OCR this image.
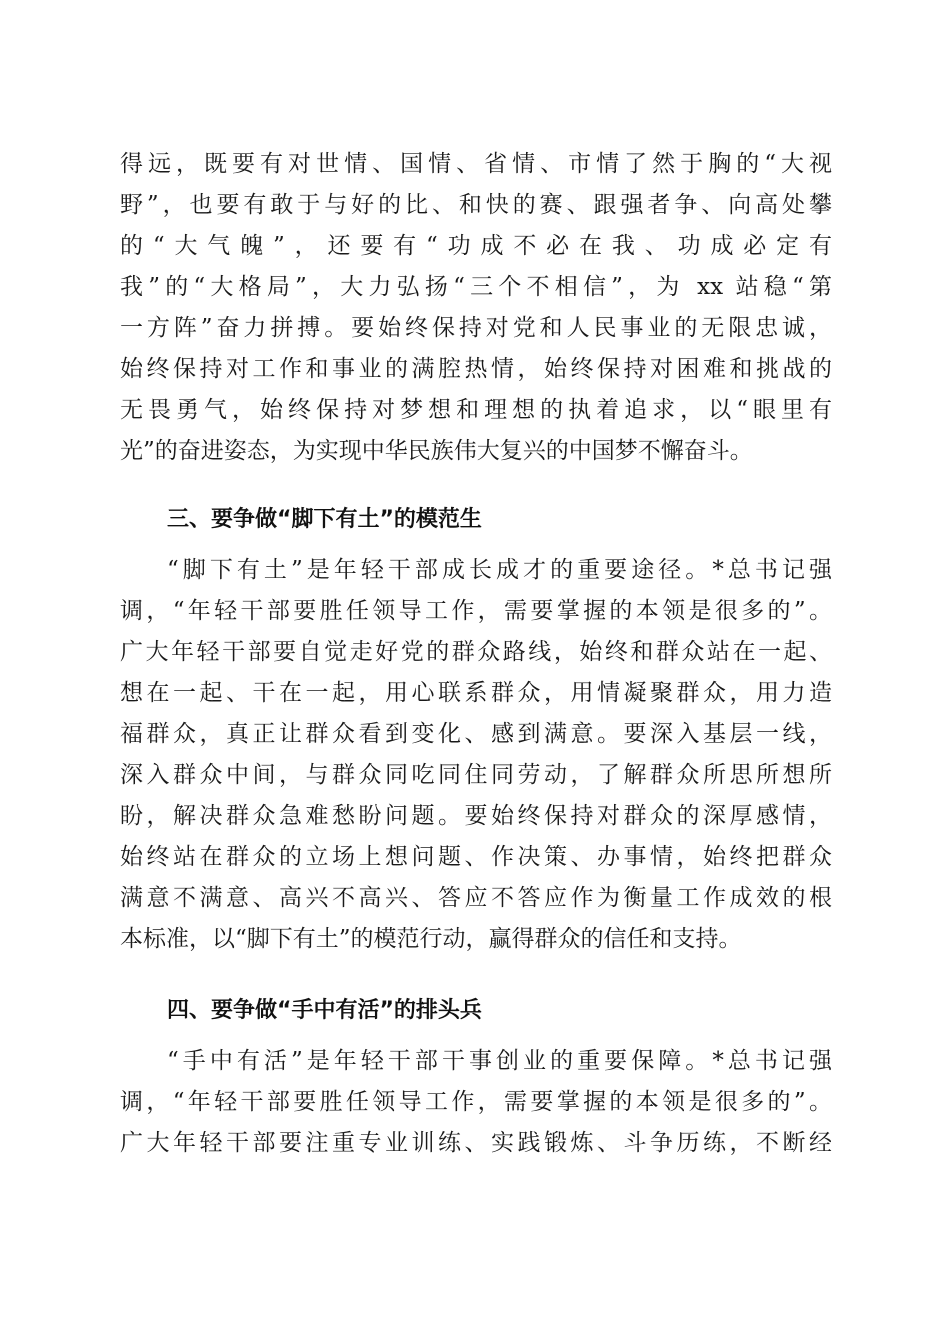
得远，既要有对世情、国情、省情、市情了然于胸的“大视
野”，也要有敢于与好的比、和快的赛、跟强者争、向高处攀
的“大气魄”，还要有“功成不必在我、功成必定有
我”的“大格局”，大力弘扬“三个不相信”，为 xx 站稳“第
一方阵”奋力拼搏。要始终保持对党和人民事业的无限忠诚，
始终保持对工作和事业的满腔热情，始终保持对困难和挑战的
无畏勇气，始终保持对梦想和理想的执着追求，以“眼里有
光”的奋进姿态，为实现中华民族伟大复兴的中国梦不懈奋斗。
三、要争做“脚下有土”的模范生
“脚下有土”是年轻干部成长成才的重要途径。*总书记强
调，“年轻干部要胜任领导工作，需要掌握的本领是很多的”。
广大年轻干部要自觉走好党的群众路线，始终和群众站在一起、
想在一起、干在一起，用心联系群众，用情凝聚群众，用力造
福群众，真正让群众看到变化、感到满意。要深入基层一线，
深入群众中间，与群众同吃同住同劳动，了解群众所思所想所
盼，解决群众急难愁盼问题。要始终保持对群众的深厚感情，
始终站在群众的立场上想问题、作决策、办事情，始终把群众
满意不满意、高兴不高兴、答应不答应作为衡量工作成效的根
本标准，以“脚下有土”的模范行动，赢得群众的信任和支持。
四、要争做“手中有活”的排头兵
“手中有活”是年轻干部干事创业的重要保障。*总书记强
调，“年轻干部要胜任领导工作，需要掌握的本领是很多的”。
广大年轻干部要注重专业训练、实践锻炼、斗争历练，不断经
